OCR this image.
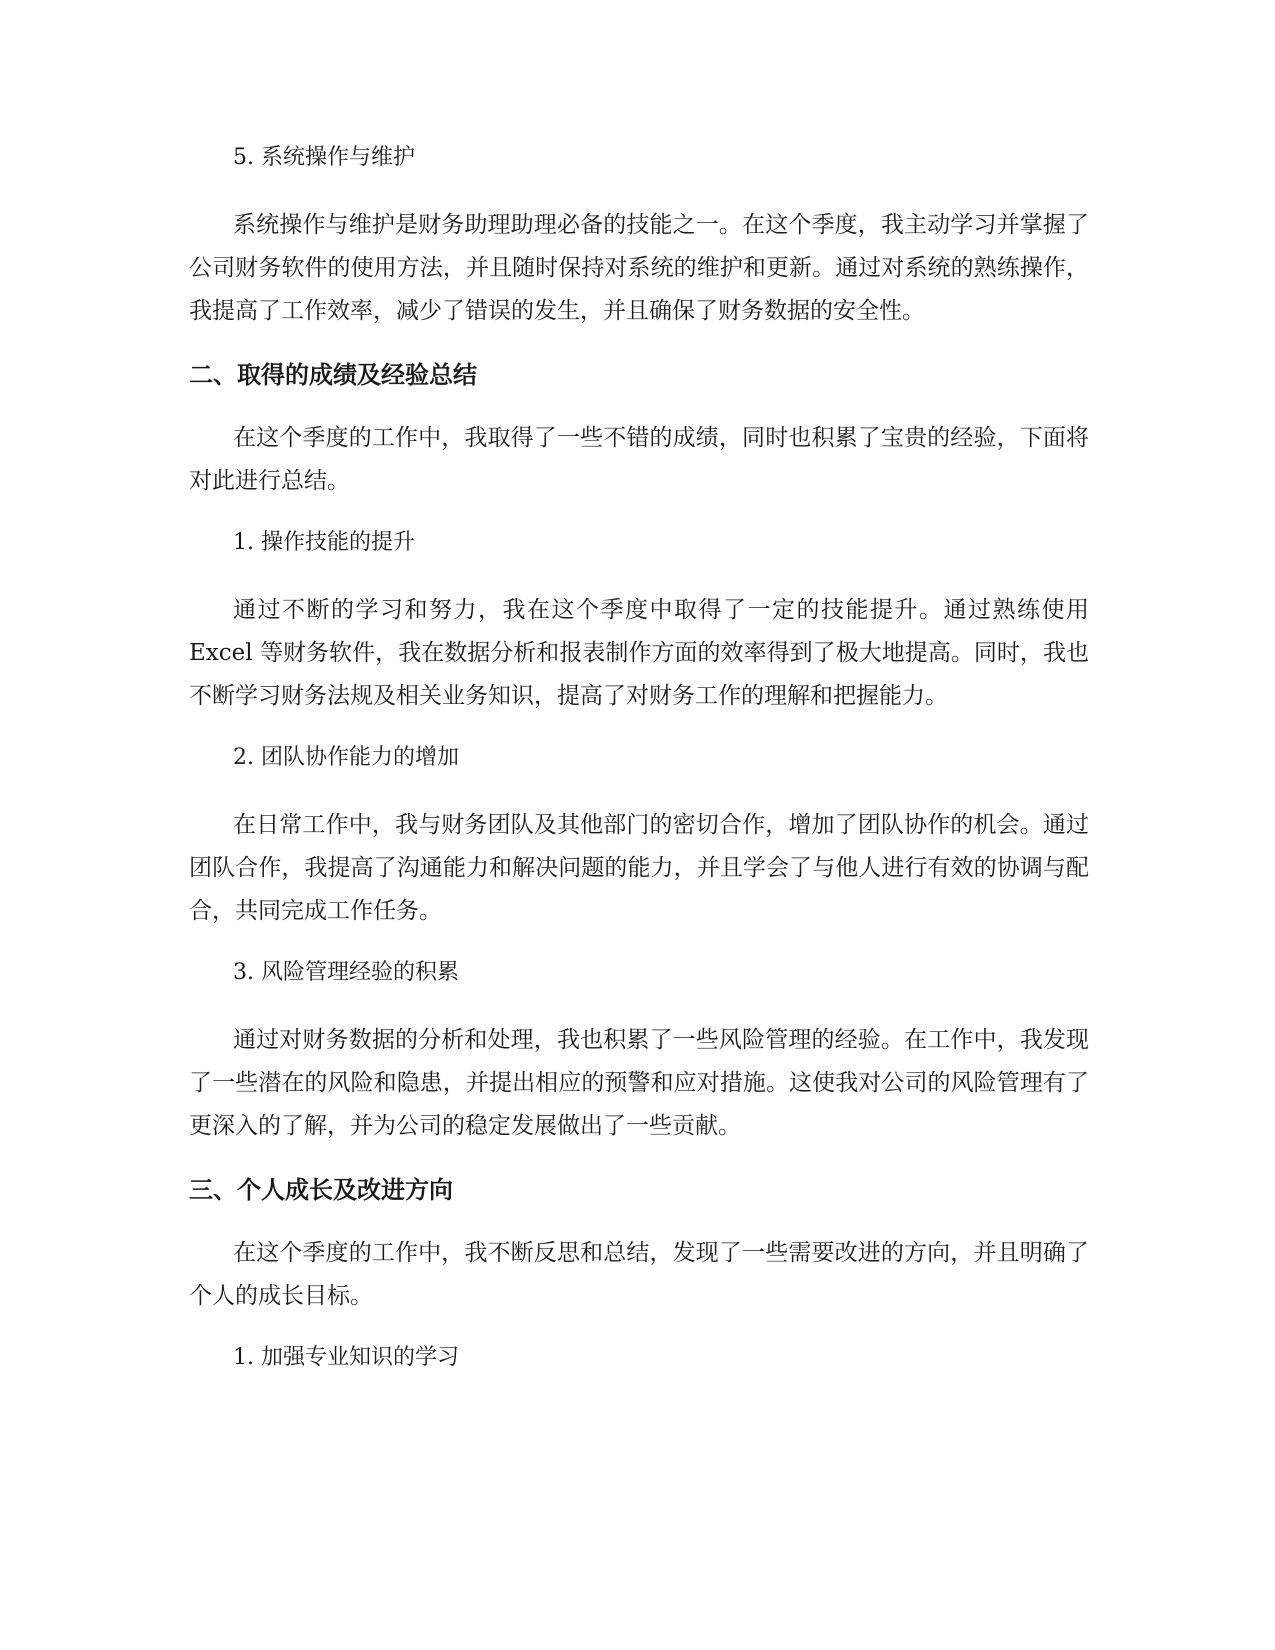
5. 系统操作与维护

系统操作与维护是财务助理助理必备的技能之一。在这个季度，我主动学习并掌握了公司财务软件的使用方法，并且随时保持对系统的维护和更新。通过对系统的熟练操作，我提高了工作效率，减少了错误的发生，并且确保了财务数据的安全性。

二、取得的成绩及经验总结

在这个季度的工作中，我取得了一些不错的成绩，同时也积累了宝贵的经验，下面将对此进行总结。

1. 操作技能的提升

通过不断的学习和努力，我在这个季度中取得了一定的技能提升。通过熟练使用 Excel 等财务软件，我在数据分析和报表制作方面的效率得到了极大地提高。同时，我也不断学习财务法规及相关业务知识，提高了对财务工作的理解和把握能力。

2. 团队协作能力的增加

在日常工作中，我与财务团队及其他部门的密切合作，增加了团队协作的机会。通过团队合作，我提高了沟通能力和解决问题的能力，并且学会了与他人进行有效的协调与配合，共同完成工作任务。

3. 风险管理经验的积累

通过对财务数据的分析和处理，我也积累了一些风险管理的经验。在工作中，我发现了一些潜在的风险和隐患，并提出相应的预警和应对措施。这使我对公司的风险管理有了更深入的了解，并为公司的稳定发展做出了一些贡献。

三、个人成长及改进方向

在这个季度的工作中，我不断反思和总结，发现了一些需要改进的方向，并且明确了个人的成长目标。

1. 加强专业知识的学习
